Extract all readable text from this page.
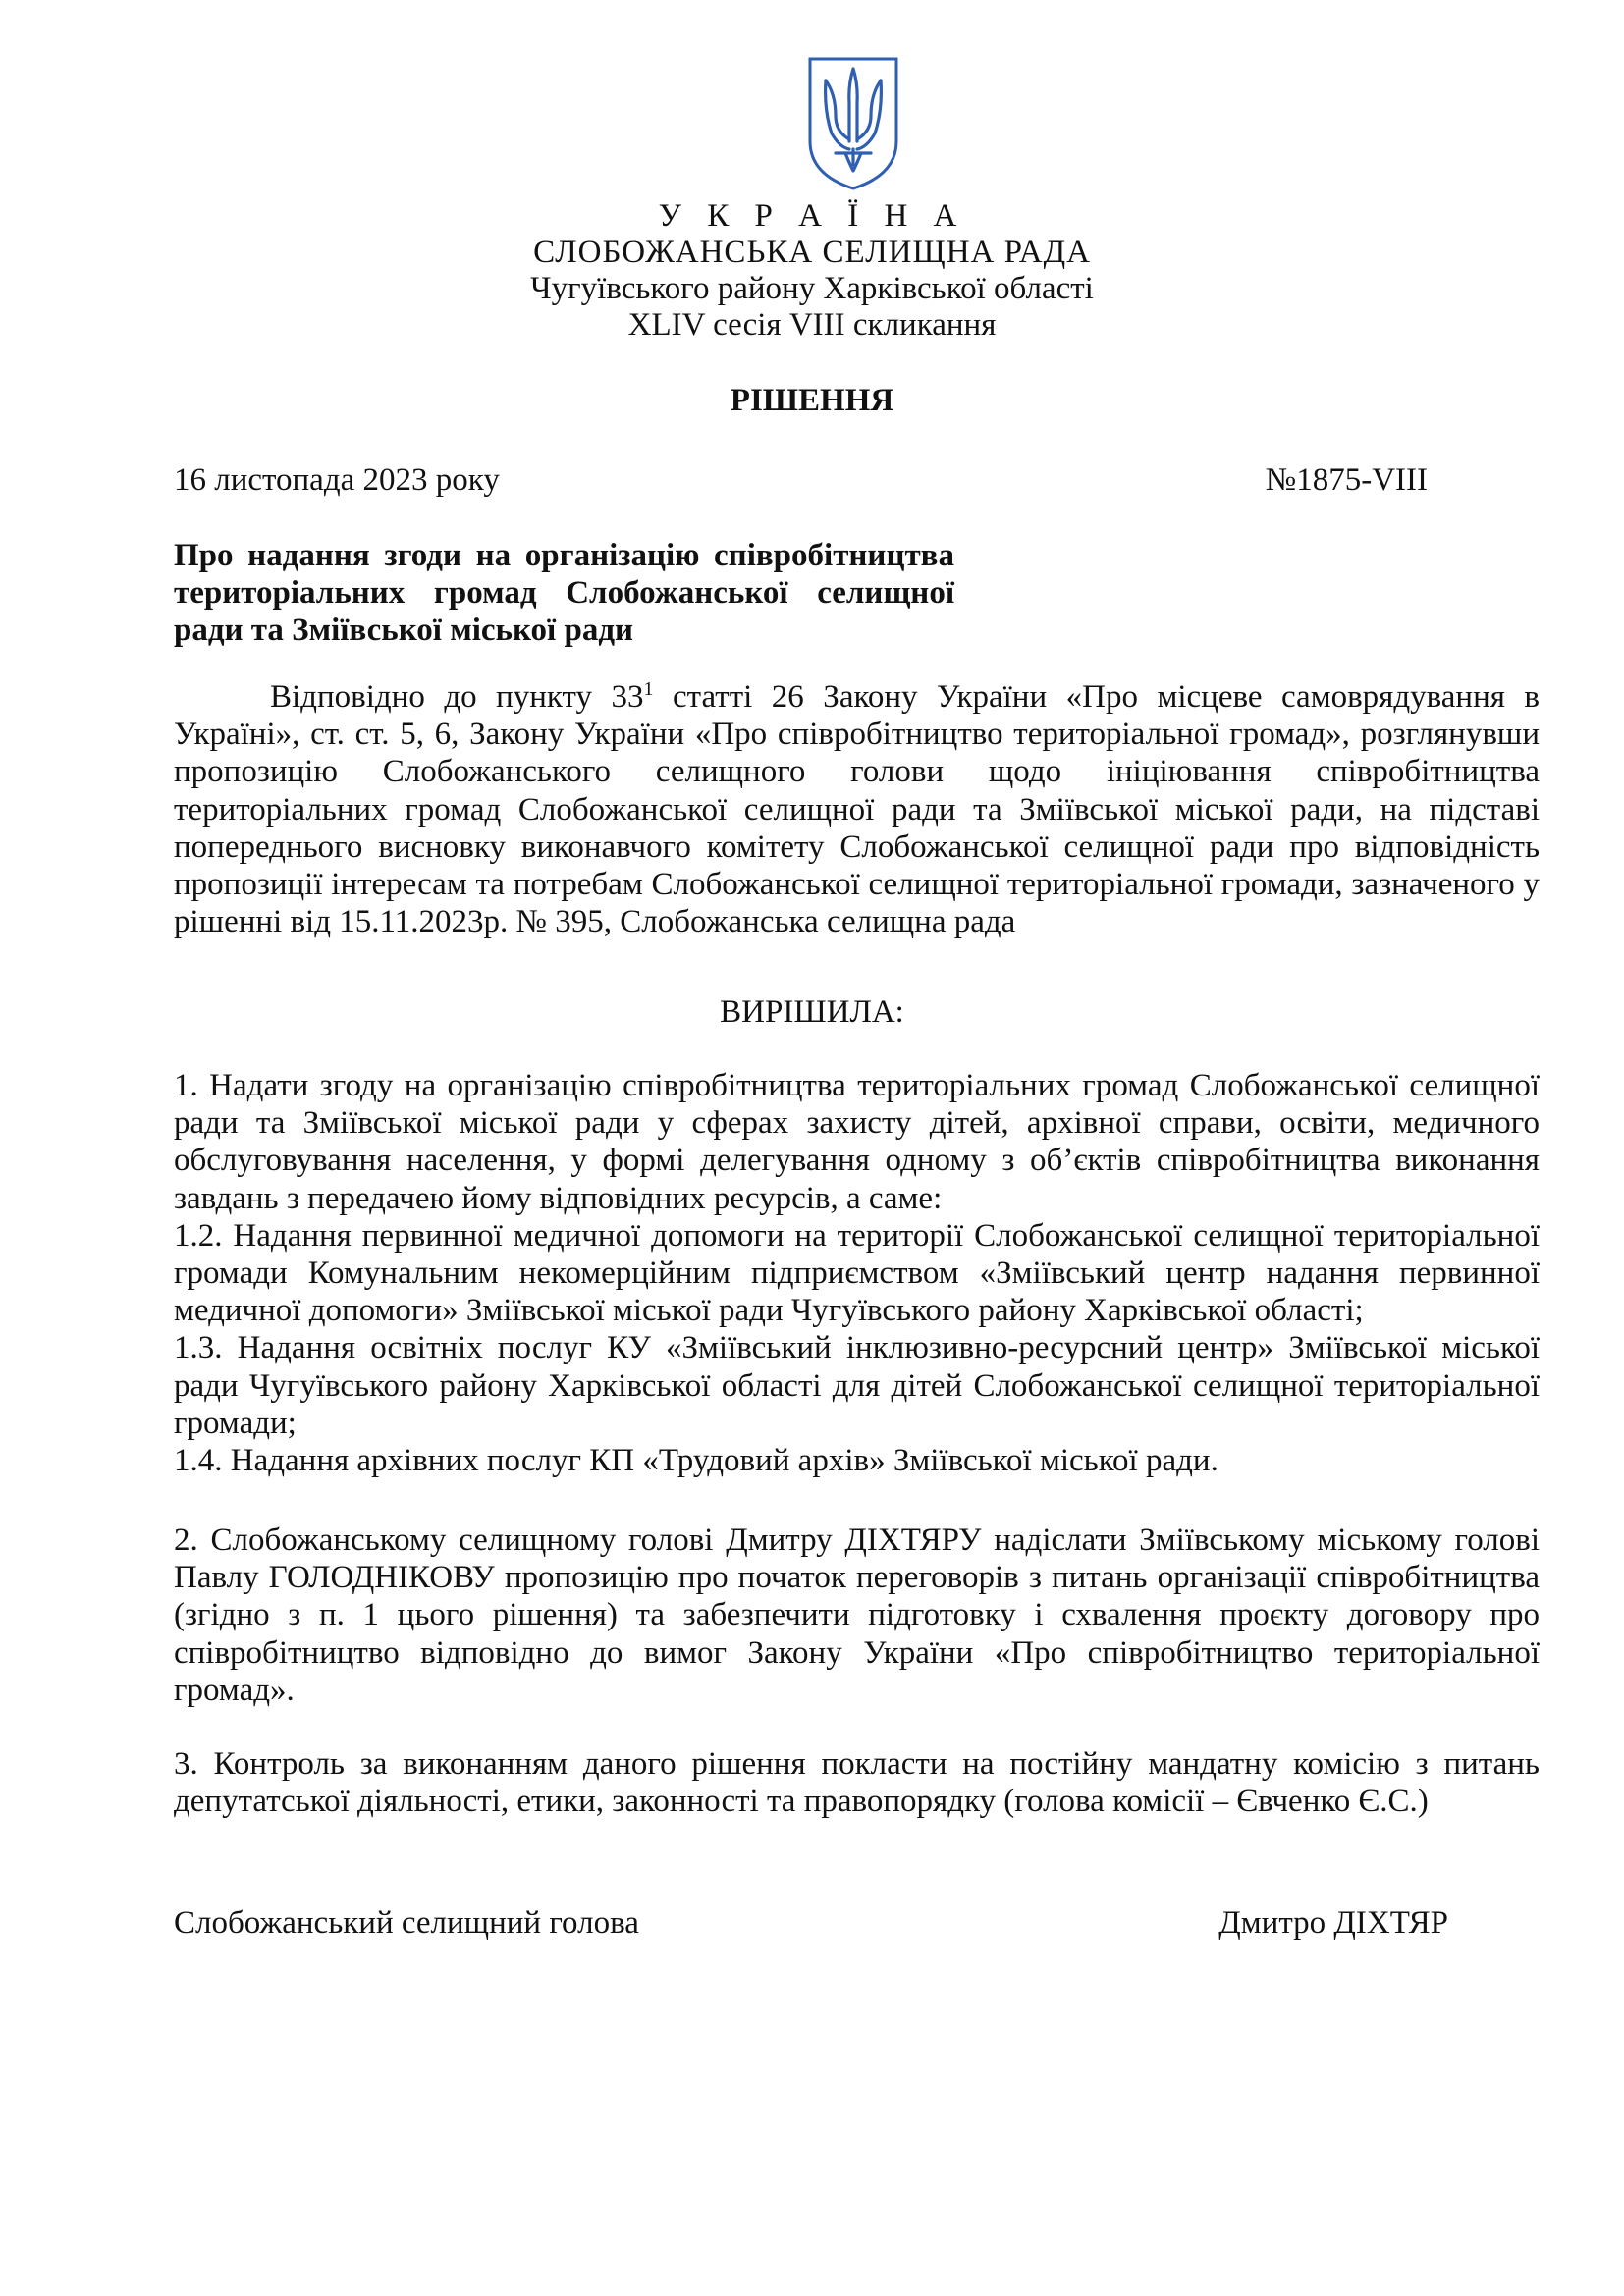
У К Р А Ї Н А
СЛОБОЖАНСЬКА СЕЛИЩНА РАДА
Чугуївського району Харківської області
XLIV сесія VIII скликання
РІШЕННЯ
16 листопада 2023 року	№1875-VIII
Про надання згоди на організацію співробітництва територіальних громад Слобожанської селищної ради та Зміївської міської ради
Відповідно до пункту $33^1$ статті 26 Закону України «Про місцеве самоврядування в Україні», ст. ст. 5, 6, Закону України «Про співробітництво територіальної громад», розглянувши пропозицію Слобожанського селищного голови щодо ініціювання співробітництва територіальних громад Слобожанської селищної ради та Зміївської міської ради, на підставі попереднього висновку виконавчого комітету Слобожанської селищної ради про відповідність пропозиції інтересам та потребам Слобожанської селищної територіальної громади, зазначеного у рішенні від 15.11.2023р. № 395, Слобожанська селищна рада
ВИРІШИЛА:

1. Надати згоду на організацію співробітництва територіальних громад Слобожанської селищної ради та Зміївської міської ради у сферах захисту дітей, архівної справи, освіти, медичного обслуговування населення, у формі делегування одному з об’єктів співробітництва виконання завдань з передачею йому відповідних ресурсів, а саме:

1.2. Надання первинної медичної допомоги на території Слобожанської селищної територіальної громади Комунальним некомерційним підприємством «Зміївський центр надання первинної медичної допомоги» Зміївської міської ради Чугуївського району Харківської області;

1.3. Надання освітніх послуг КУ «Зміївський інклюзивно-ресурсний центр» Зміївської міської ради Чугуївського району Харківської області для дітей Слобожанської селищної територіальної громади;

1.4. Надання архівних послуг КП «Трудовий архів» Зміївської міської ради.

2. Слобожанському селищному голові Дмитру ДІХТЯРУ надіслати Зміївському міському голові Павлу ГОЛОДНІКОВУ пропозицію про початок переговорів з питань організації співробітництва (згідно з п. 1 цього рішення) та забезпечити підготовку і схвалення проєкту договору про співробітництво відповідно до вимог Закону України «Про співробітництво територіальної громад».
3. Контроль за виконанням даного рішення покласти на постійну мандатну комісію з питань депутатської діяльності, етики, законності та правопорядку (голова комісії – Євченко Є.С.)
Слобожанський селищний голова	Дмитро ДІХТЯР
